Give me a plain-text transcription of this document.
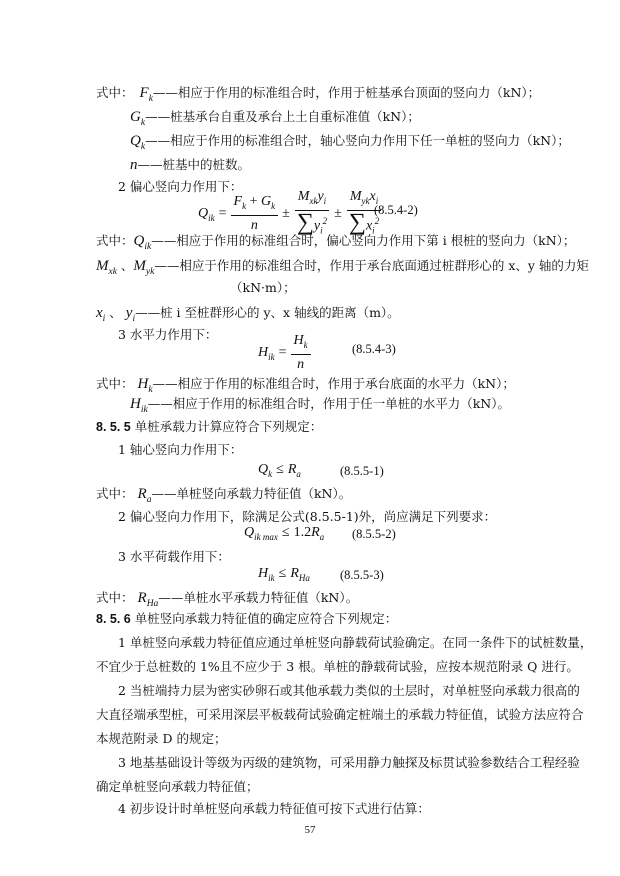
式中： $F_k——$相应于作用的标准组合时，作用于桩基承台顶面的竖向力（kN）；
$G_k——$桩基承台自重及承台上土自重标准值（kN）；
$Q_k——$相应于作用的标准组合时，轴心竖向力作用下任一单桩的竖向力（kN）；
n——桩基中的桩数。
2 偏心竖向力作用下：
$Q_{ik} = \frac{F_k + G_k}{n} \pm \frac{M_{xk}y_i}{\sum y_i^2} \pm \frac{M_{yk}x_i}{\sum x_i^2}$
(8.5.4-2)
式中：$Q_{ik}——$相应于作用的标准组合时，偏心竖向力作用下第 i 根桩的竖向力（kN）；
$M_{xk}$ 、$M_{yk}——$相应于作用的标准组合时，作用于承台底面通过桩群形心的 x、y 轴的力矩
（kN·m）；
$x_i$ 、 $y_i——$桩 i 至桩群形心的 y、x 轴线的距离（m）。
3 水平力作用下：
$H_{ik} = \frac{H_k}{n}$	(8.5.4-3)
式中： $H_k——$相应于作用的标准组合时，作用于承台底面的水平力（kN）；
$H_{ik}——$相应于作用的标准组合时，作用于任一单桩的水平力（kN）。
8. 5. 5 单桩承载力计算应符合下列规定：
1 轴心竖向力作用下：
$Q_k \le R_a$	(8.5.5-1)
式中： $R_a——$单桩竖向承载力特征值（kN）。
2 偏心竖向力作用下，除满足公式(8.5.5-1)外，尚应满足下列要求：
$Q_{ik max} \le 1.2$ $R_a$ (8.5.5-2)
3 水平荷载作用下：
$H_{ik} \le R_{Ha}$ (8.5.5-3)
式中： $R_{Ha}——$单桩水平承载力特征值（kN）。
8. 5. 6 单桩竖向承载力特征值的确定应符合下列规定：
1 单桩竖向承载力特征值应通过单桩竖向静载荷试验确定。在同一条件下的试桩数量，
不宜少于总桩数的 1%且不应少于 3 根。单桩的静载荷试验，应按本规范附录 Q 进行。
2 当桩端持力层为密实砂卵石或其他承载力类似的土层时，对单桩竖向承载力很高的
大直径端承型桩，可采用深层平板载荷试验确定桩端土的承载力特征值，试验方法应符合
本规范附录 D 的规定；
3 地基基础设计等级为丙级的建筑物，可采用静力触探及标贯试验参数结合工程经验
确定单桩竖向承载力特征值；
4 初步设计时单桩竖向承载力特征值可按下式进行估算：
57
